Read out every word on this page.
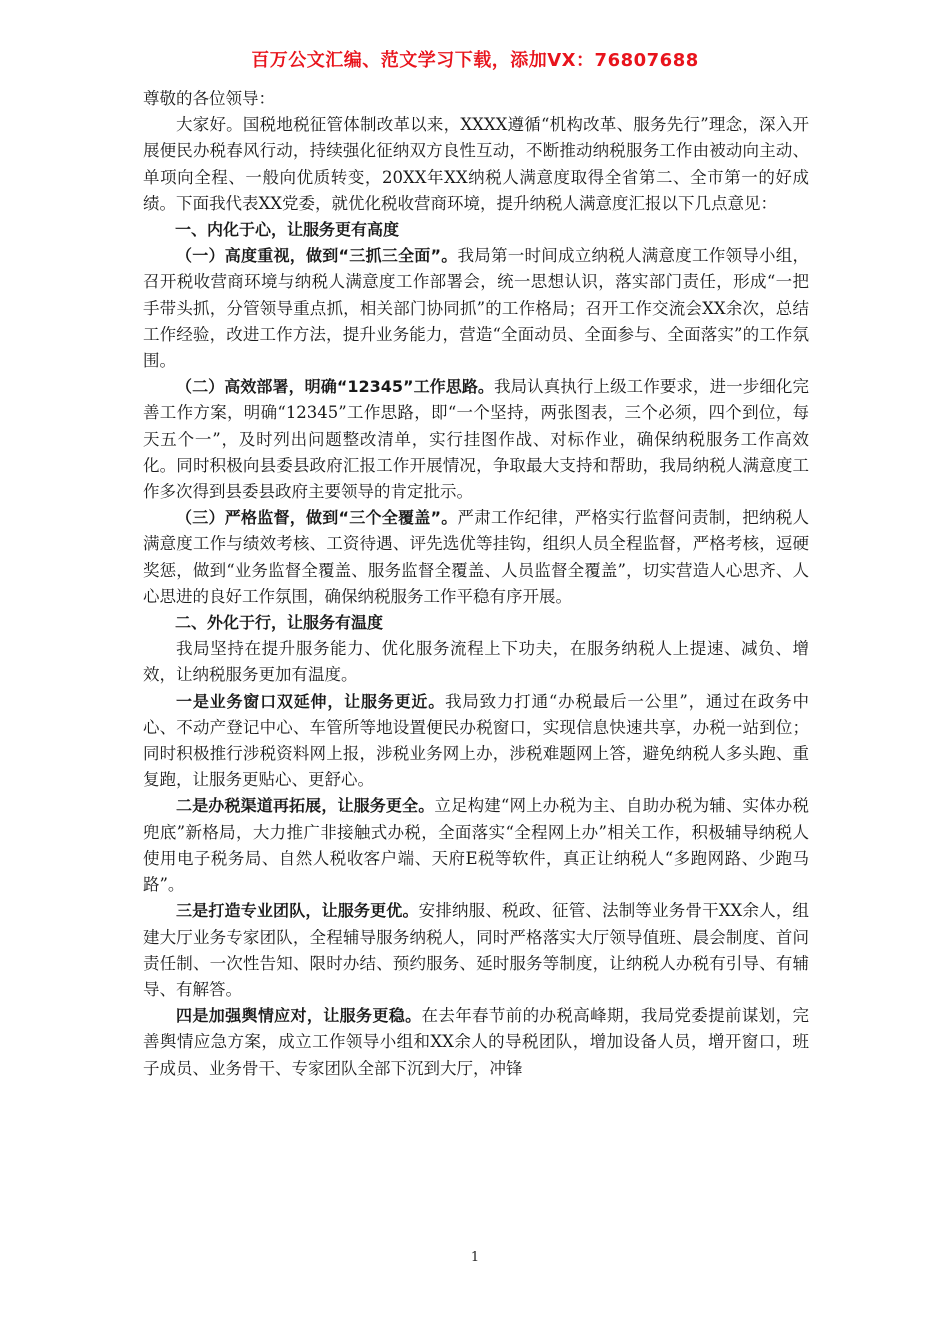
百万公文汇编、范文学习下载，添加VX：76807688

尊敬的各位领导：

大家好。国税地税征管体制改革以来，XXXX遵循“机构改革、服务先行”理念，深入开展便民办税春风行动，持续强化征纳双方良性互动，不断推动纳税服务工作由被动向主动、单项向全程、一般向优质转变，20XX年XX纳税人满意度取得全省第二、全市第一的好成绩。下面我代表XX党委，就优化税收营商环境，提升纳税人满意度汇报以下几点意见：

一、内化于心，让服务更有高度

（一）高度重视，做到“三抓三全面”。我局第一时间成立纳税人满意度工作领导小组，召开税收营商环境与纳税人满意度工作部署会，统一思想认识，落实部门责任，形成“一把手带头抓，分管领导重点抓，相关部门协同抓”的工作格局；召开工作交流会XX余次，总结工作经验，改进工作方法，提升业务能力，营造“全面动员、全面参与、全面落实”的工作氛围。

（二）高效部署，明确“12345”工作思路。我局认真执行上级工作要求，进一步细化完善工作方案，明确“12345”工作思路，即“一个坚持，两张图表，三个必须，四个到位，每天五个一”，及时列出问题整改清单，实行挂图作战、对标作业，确保纳税服务工作高效化。同时积极向县委县政府汇报工作开展情况，争取最大支持和帮助，我局纳税人满意度工作多次得到县委县政府主要领导的肯定批示。

（三）严格监督，做到“三个全覆盖”。严肃工作纪律，严格实行监督问责制，把纳税人满意度工作与绩效考核、工资待遇、评先选优等挂钩，组织人员全程监督，严格考核，逗硬奖惩，做到“业务监督全覆盖、服务监督全覆盖、人员监督全覆盖”，切实营造人心思齐、人心思进的良好工作氛围，确保纳税服务工作平稳有序开展。

二、外化于行，让服务有温度

我局坚持在提升服务能力、优化服务流程上下功夫，在服务纳税人上提速、减负、增效，让纳税服务更加有温度。

一是业务窗口双延伸，让服务更近。我局致力打通“办税最后一公里”，通过在政务中心、不动产登记中心、车管所等地设置便民办税窗口，实现信息快速共享，办税一站到位；同时积极推行涉税资料网上报，涉税业务网上办，涉税难题网上答，避免纳税人多头跑、重复跑，让服务更贴心、更舒心。

二是办税渠道再拓展，让服务更全。立足构建“网上办税为主、自助办税为辅、实体办税兜底”新格局，大力推广非接触式办税，全面落实“全程网上办”相关工作，积极辅导纳税人使用电子税务局、自然人税收客户端、天府E税等软件，真正让纳税人“多跑网路、少跑马路”。

三是打造专业团队，让服务更优。安排纳服、税政、征管、法制等业务骨干XX余人，组建大厅业务专家团队，全程辅导服务纳税人，同时严格落实大厅领导值班、晨会制度、首问责任制、一次性告知、限时办结、预约服务、延时服务等制度，让纳税人办税有引导、有辅导、有解答。

四是加强舆情应对，让服务更稳。在去年春节前的办税高峰期，我局党委提前谋划，完善舆情应急方案，成立工作领导小组和XX余人的导税团队，增加设备人员，增开窗口，班子成员、业务骨干、专家团队全部下沉到大厅，冲锋

1
